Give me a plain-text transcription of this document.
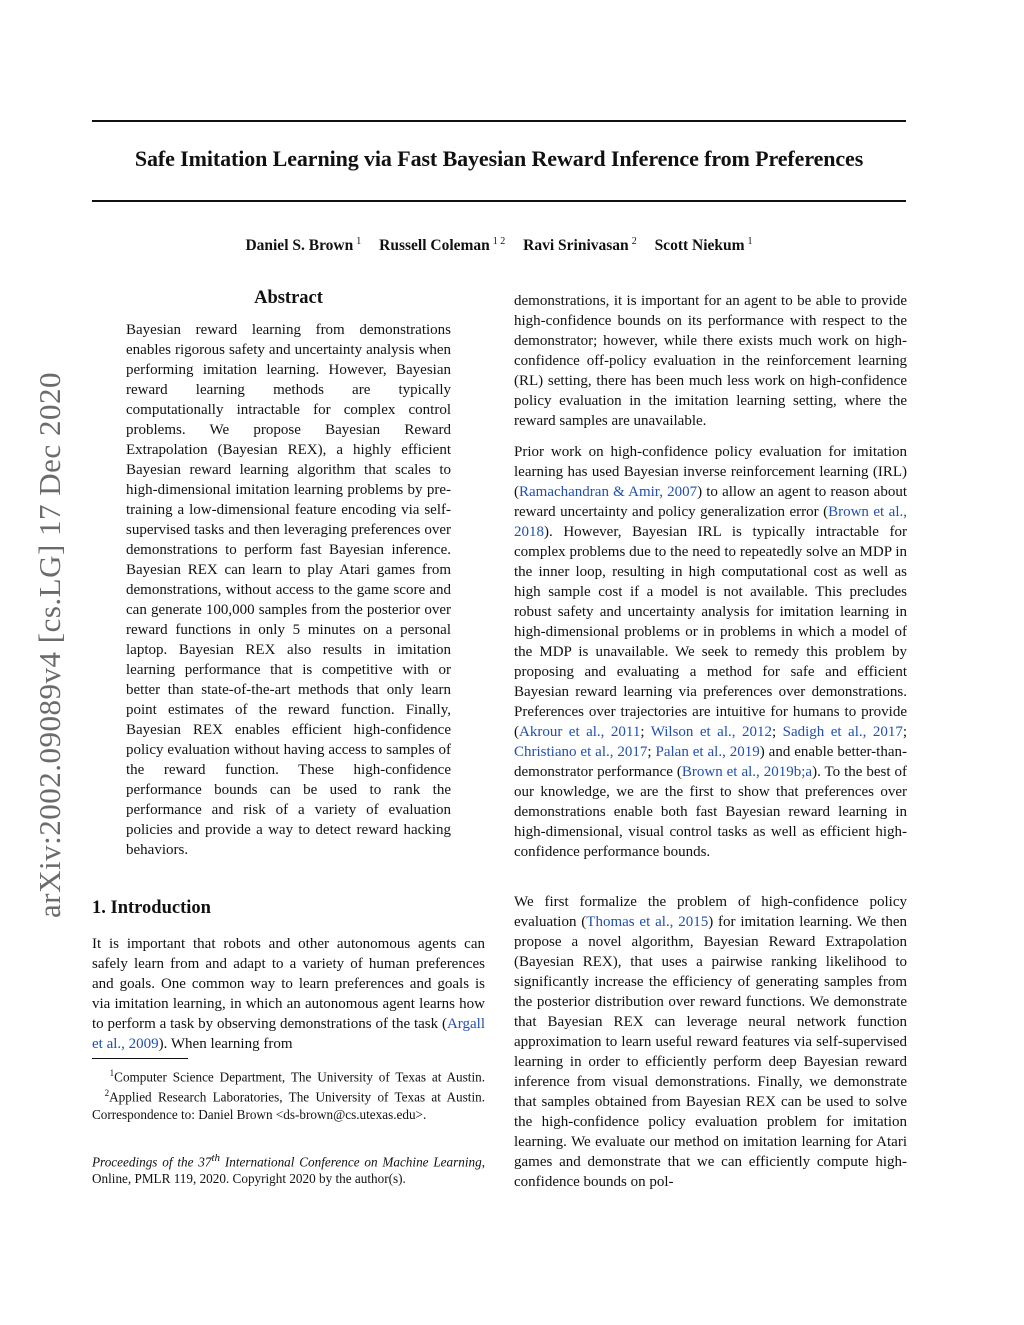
Safe Imitation Learning via Fast Bayesian Reward Inference from Preferences

Daniel S. Brown $^1$ Russell Coleman $^{1 2}$ Ravi Srinivasan $^2$ Scott Niekum $^1$

arXiv:2002.09089v4 [cs.LG] 17 Dec 2020
Abstract

Bayesian reward learning from demonstrations enables rigorous safety and uncertainty analysis when performing imitation learning. However, Bayesian reward learning methods are typically computationally intractable for complex control problems. We propose Bayesian Reward Extrapolation (Bayesian REX), a highly efficient Bayesian reward learning algorithm that scales to high-dimensional imitation learning problems by pre-training a low-dimensional feature encoding via self-supervised tasks and then leveraging preferences over demonstrations to perform fast Bayesian inference. Bayesian REX can learn to play Atari games from demonstrations, without access to the game score and can generate 100,000 samples from the posterior over reward functions in only 5 minutes on a personal laptop. Bayesian REX also results in imitation learning performance that is competitive with or better than state-of-the-art methods that only learn point estimates of the reward function. Finally, Bayesian REX enables efficient high-confidence policy evaluation without having access to samples of the reward function. These high-confidence performance bounds can be used to rank the performance and risk of a variety of evaluation policies and provide a way to detect reward hacking behaviors.

1. Introduction

It is important that robots and other autonomous agents can safely learn from and adapt to a variety of human preferences and goals. One common way to learn preferences and goals is via imitation learning, in which an autonomous agent learns how to perform a task by observing demonstrations of the task (Argall et al., 2009). When learning from

$^1$Computer Science Department, The University of Texas at Austin.   $^2$Applied Research Laboratories, The University of Texas at Austin. Correspondence to: Daniel Brown <ds-brown@cs.utexas.edu>.

Proceedings of the 37th International Conference on Machine Learning, Online, PMLR 119, 2020. Copyright 2020 by the author(s).

demonstrations, it is important for an agent to be able to provide high-confidence bounds on its performance with respect to the demonstrator; however, while there exists much work on high-confidence off-policy evaluation in the reinforcement learning (RL) setting, there has been much less work on high-confidence policy evaluation in the imitation learning setting, where the reward samples are unavailable.

Prior work on high-confidence policy evaluation for imitation learning has used Bayesian inverse reinforcement learning (IRL) (Ramachandran & Amir, 2007) to allow an agent to reason about reward uncertainty and policy generalization error (Brown et al., 2018). However, Bayesian IRL is typically intractable for complex problems due to the need to repeatedly solve an MDP in the inner loop, resulting in high computational cost as well as high sample cost if a model is not available. This precludes robust safety and uncertainty analysis for imitation learning in high-dimensional problems or in problems in which a model of the MDP is unavailable. We seek to remedy this problem by proposing and evaluating a method for safe and efficient Bayesian reward learning via preferences over demonstrations. Preferences over trajectories are intuitive for humans to provide (Akrour et al., 2011; Wilson et al., 2012; Sadigh et al., 2017; Christiano et al., 2017; Palan et al., 2019) and enable better-than-demonstrator performance (Brown et al., 2019b;a). To the best of our knowledge, we are the first to show that preferences over demonstrations enable both fast Bayesian reward learning in high-dimensional, visual control tasks as well as efficient high-confidence performance bounds.

We first formalize the problem of high-confidence policy evaluation (Thomas et al., 2015) for imitation learning. We then propose a novel algorithm, Bayesian Reward Extrapolation (Bayesian REX), that uses a pairwise ranking likelihood to significantly increase the efficiency of generating samples from the posterior distribution over reward functions. We demonstrate that Bayesian REX can leverage neural network function approximation to learn useful reward features via self-supervised learning in order to efficiently perform deep Bayesian reward inference from visual demonstrations. Finally, we demonstrate that samples obtained from Bayesian REX can be used to solve the high-confidence policy evaluation problem for imitation learning. We evaluate our method on imitation learning for Atari games and demonstrate that we can efficiently compute high-confidence bounds on pol-
